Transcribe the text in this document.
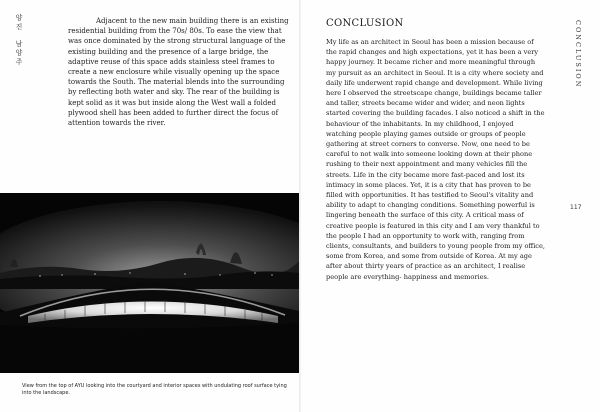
양
진
남
양
주

Adjacent to the new main building there is an existing residential building from the 70s/ 80s. To ease the view that was once dominated by the strong structural language of the existing building and the presence of a large bridge, the adaptive reuse of this space adds stainless steel frames to create a new enclosure while visually opening up the space towards the South. The material blends into the surrounding by reflecting both water and sky. The rear of the building is kept solid as it was but inside along the West wall a folded plywood shell has been added to further direct the focus of attention towards the river.

View from the top of AYU looking into the courtyard and interior spaces with undulating roof surface tying into the landscape.
CONCLUSION

My life as an architect in Seoul has been a mission because of the rapid changes and high expectations, yet it has been a very happy journey. It became richer and more meaningful through my pursuit as an architect in Seoul. It is a city where society and daily life underwent rapid change and development. While living here I observed the streetscape change, buildings became taller and taller, streets became wider and wider, and neon lights started covering the building facades. I also noticed a shift in the behaviour of the inhabitants. In my childhood, I enjoyed watching people playing games outside or groups of people gathering at street corners to converse. Now, one need to be careful to not walk into someone looking down at their phone rushing to their next appointment and many vehicles fill the streets. Life in the city became more fast-paced and lost its intimacy in some places. Yet, it is a city that has proven to be filled with opportunities. It has testified to Seoul's vitality and ability to adapt to changing conditions. Something powerful is lingering beneath the surface of this city. A critical mass of creative people is featured in this city and I am very thankful to the people I had an opportunity to work with, ranging from clients, consultants, and builders to young people from my office, some from Korea, and some from outside of Korea. At my age after about thirty years of practice as an architect, I realise people are everything- happiness and memories.

CONCLUSION
117
